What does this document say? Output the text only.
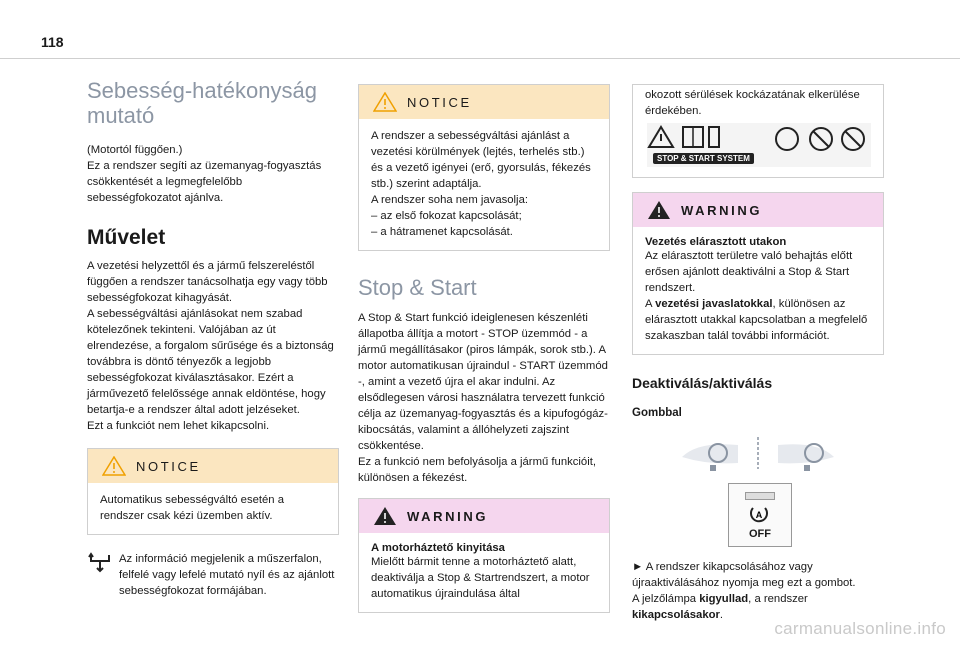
118
Sebesség-hatékonyság mutató

(Motortól függően.)
Ez a rendszer segíti az üzemanyag-fogyasztás csökkentését a legmegfelelőbb sebességfokozatot ajánlva.

Művelet

A vezetési helyzettől és a jármű felszereléstől függően a rendszer tanácsolhatja egy vagy több sebességfokozat kihagyását.
A sebességváltási ajánlásokat nem szabad kötelezőnek tekinteni. Valójában az út elrendezése, a forgalom sűrűsége és a biztonság továbbra is döntő tényezők a legjobb sebességfokozat kiválasztásakor. Ezért a járművezető felelőssége annak eldöntése, hogy betartja-e a rendszer által adott jelzéseket.
Ezt a funkciót nem lehet kikapcsolni.

NOTICE

Automatikus sebességváltó esetén a rendszer csak kézi üzemben aktív.

Az információ megjelenik a műszerfalon, felfelé vagy lefelé mutató nyíl és az ajánlott sebességfokozat formájában.

NOTICE

A rendszer a sebességváltási ajánlást a vezetési körülmények (lejtés, terhelés stb.) és a vezető igényei (erő, gyorsulás, fékezés stb.) szerint adaptálja.
A rendszer soha nem javasolja:
– az első fokozat kapcsolását;
– a hátramenet kapcsolását.

Stop & Start

A Stop & Start funkció ideiglenesen készenléti állapotba állítja a motort - STOP üzemmód - a jármű megállításakor (piros lámpák, sorok stb.). A motor automatikusan újraindul - START üzemmód -, amint a vezető újra el akar indulni. Az elsődlegesen városi használatra tervezett funkció célja az üzemanyag-fogyasztás és a kipufogógáz-kibocsátás, valamint a állóhelyzeti zajszint csökkentése.
Ez a funkció nem befolyásolja a jármű funkcióit, különösen a fékezést.

WARNING

A motorháztető kinyitása

Mielőtt bármit tenne a motorháztető alatt, deaktiválja a Stop & Startrendszert, a motor automatikus újraindulása által

okozott sérülések kockázatának elkerülése érdekében.

STOP & START SYSTEM
WARNING

Vezetés elárasztott utakon

Az elárasztott területre való behajtás előtt erősen ajánlott deaktiválni a Stop & Start rendszert.
A vezetési javaslatokkal, különösen az elárasztott utakkal kapcsolatban a megfelelő szakaszban talál további információt.

Deaktiválás/aktiválás

Gombbal

A
OFF

► A rendszer kikapcsolásához vagy újraaktiválásához nyomja meg ezt a gombot.
A jelzőlámpa kigyullad, a rendszer kikapcsolásakor.

carmanualsonline.info
